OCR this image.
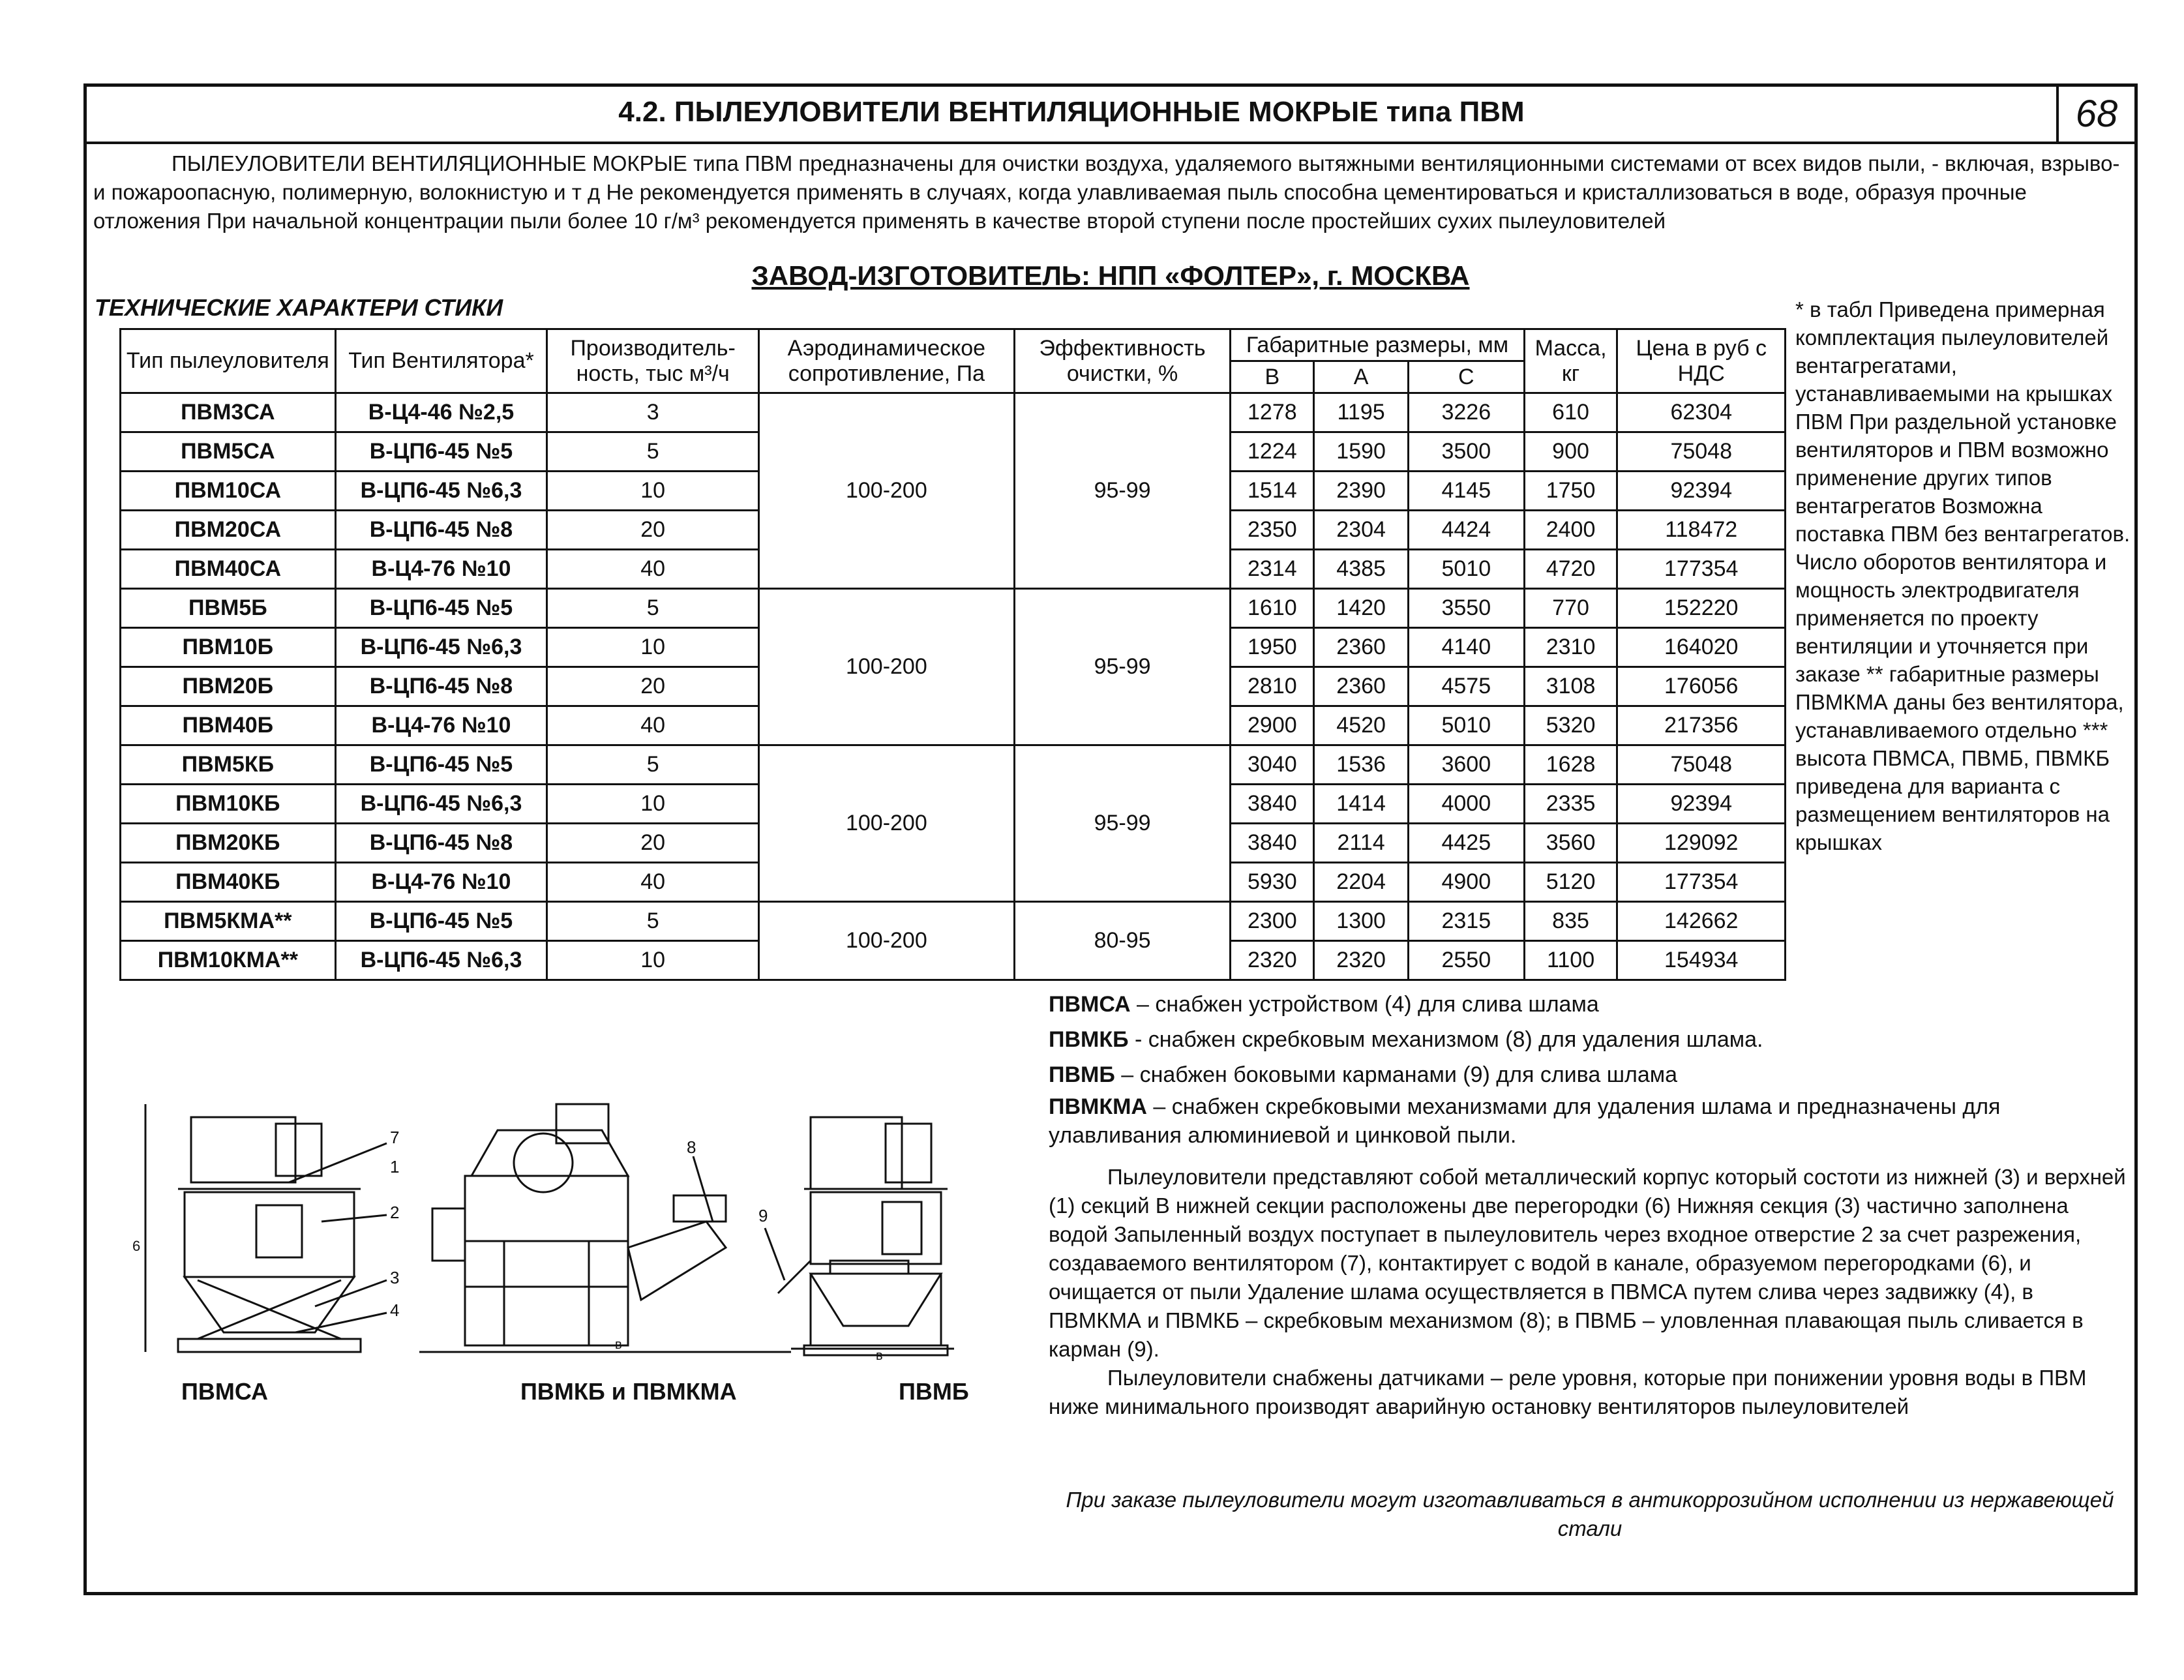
4.2. ПЫЛЕУЛОВИТЕЛИ ВЕНТИЛЯЦИОННЫЕ МОКРЫЕ типа ПВМ	68
ПЫЛЕУЛОВИТЕЛИ ВЕНТИЛЯЦИОННЫЕ МОКРЫЕ типа ПВМ предназначены для очистки воздуха, удаляемого вытяжными вентиляционными системами от всех видов пыли, - включая, взрыво- и пожароопасную, полимерную, волокнистую и т д Не рекомендуется применять в случаях, когда улавливаемая пыль способна цементироваться и кристаллизоваться в воде, образуя прочные отложения При начальной концентрации пыли более 10 г/м³ рекомендуется применять в качестве второй ступени после простейших сухих пылеуловителей
ЗАВОД-ИЗГОТОВИТЕЛЬ: НПП «ФОЛТЕР», г. МОСКВА
ТЕХНИЧЕСКИЕ ХАРАКТЕРИ СТИКИ
Тип пылеуловителя	Тип Вентилятора*	Производитель-ность, тыс м³/ч	Аэродинамическое сопротивление, Па	Эффективность очистки, %	Габаритные размеры, мм			Масса, кг	Цена в руб с НДС
					В	А	С		
ПВМ3СА	В-Ц4-46 №2,5	3	100-200	95-99	1278	1195	3226	610	62304
ПВМ5СА	В-ЦП6-45 №5	5			1224	1590	3500	900	75048
ПВМ10СА	В-ЦП6-45 №6,3	10			1514	2390	4145	1750	92394
ПВМ20СА	В-ЦП6-45 №8	20			2350	2304	4424	2400	118472
ПВМ40СА	В-Ц4-76 №10	40			2314	4385	5010	4720	177354
ПВМ5Б	В-ЦП6-45 №5	5	100-200	95-99	1610	1420	3550	770	152220
ПВМ10Б	В-ЦП6-45 №6,3	10			1950	2360	4140	2310	164020
ПВМ20Б	В-ЦП6-45 №8	20			2810	2360	4575	3108	176056
ПВМ40Б	В-Ц4-76 №10	40			2900	4520	5010	5320	217356
ПВМ5КБ	В-ЦП6-45 №5	5	100-200	95-99	3040	1536	3600	1628	75048
ПВМ10КБ	В-ЦП6-45 №6,3	10			3840	1414	4000	2335	92394
ПВМ20КБ	В-ЦП6-45 №8	20			3840	2114	4425	3560	129092
ПВМ40КБ	В-Ц4-76 №10	40			5930	2204	4900	5120	177354
ПВМ5КМА**	В-ЦП6-45 №5	5	100-200	80-95	2300	1300	2315	835	142662
ПВМ10КМА**	В-ЦП6-45 №6,3	10			2320	2320	2550	1100	154934
* в табл Приведена примерная комплектация пылеуловителей вентагрегатами, устанавливаемыми на крышках ПВМ При раздельной установке вентиляторов и ПВМ возможно применение других типов вентагрегатов Возможна поставка ПВМ без вентагрегатов. Число оборотов вентилятора и мощность электродвигателя применяется по проекту вентиляции и уточняется при заказе ** габаритные размеры ПВМКМА даны без вентилятора, устанавливаемого отдельно *** высота ПВМСА, ПВМБ, ПВМКБ приведена для варианта с размещением вентиляторов на крышках
ПВМСА – снабжен устройством (4) для слива шлама
ПВМКБ - снабжен скребковым механизмом (8) для удаления шлама.
ПВМБ – снабжен боковыми карманами (9) для слива шлама
ПВМКМА – снабжен скребковыми механизмами для удаления шлама и предназначены для улавливания алюминиевой и цинковой пыли.

Пылеуловители представляют собой металлический корпус который состоти из нижней (3) и верхней (1) секций В нижней секции расположены две перегородки (6) Нижняя секция (3) частично заполнена водой Запыленный воздух поступает в пылеуловитель через входное отверстие 2 за счет разрежения, создаваемого вентилятором (7), контактирует с водой в канале, образуемом перегородками (6), и очищается от пыли Удаление шлама осуществляется в ПВМСА путем слива через задвижку (4), в ПВМКМА и ПВМКБ – скребковым механизмом (8); в ПВМБ – уловленная плавающая пыль сливается в карман (9).

Пылеуловители снабжены датчиками – реле уровня, которые при понижении уровня воды в ПВМ ниже минимального производят аварийную остановку вентиляторов пылеуловителей

При заказе пылеуловители могут изготавливаться в антикоррозийном исполнении из нержавеющей стали
7
1
2
3
4
6
ПВМСА
8
в
ПВМКБ и ПВМКМА
9
в
ПВМБ
